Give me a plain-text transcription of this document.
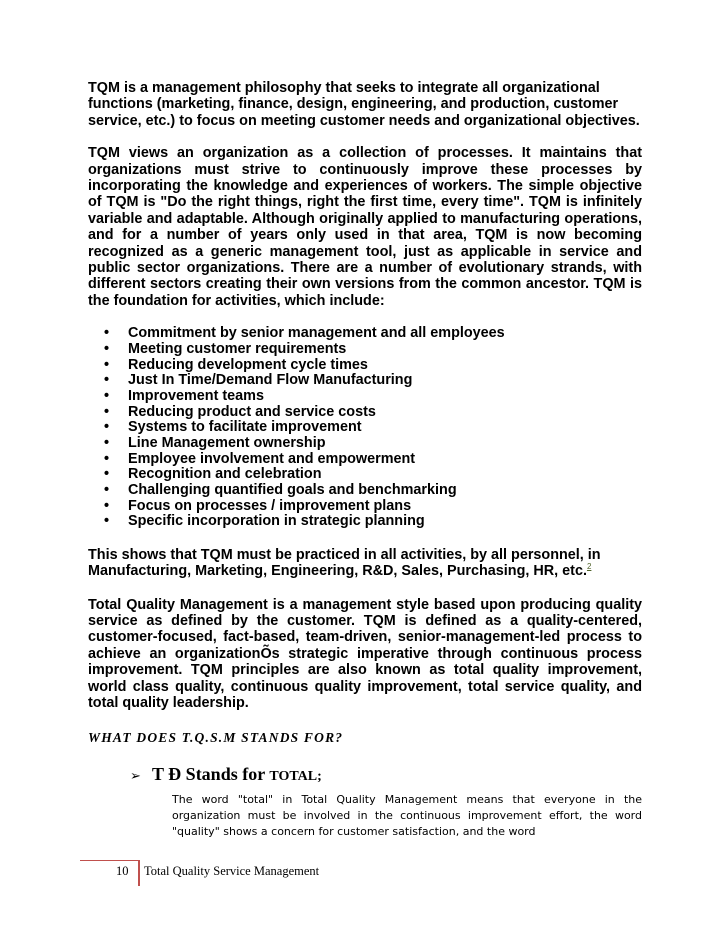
TQM is a management philosophy that seeks to integrate all organizational functions (marketing, finance, design, engineering, and production, customer service, etc.) to focus on meeting customer needs and organizational objectives.

TQM views an organization as a collection of processes. It maintains that organizations must strive to continuously improve these processes by incorporating the knowledge and experiences of workers. The simple objective of TQM is "Do the right things, right the first time, every time". TQM is infinitely variable and adaptable. Although originally applied to manufacturing operations, and for a number of years only used in that area, TQM is now becoming recognized as a generic management tool, just as applicable in service and public sector organizations. There are a number of evolutionary strands, with different sectors creating their own versions from the common ancestor. TQM is the foundation for activities, which include:

• Commitment by senior management and all employees
• Meeting customer requirements
• Reducing development cycle times
• Just In Time/Demand Flow Manufacturing
• Improvement teams
• Reducing product and service costs
• Systems to facilitate improvement
• Line Management ownership
• Employee involvement and empowerment
• Recognition and celebration
• Challenging quantified goals and benchmarking
• Focus on processes / improvement plans
• Specific incorporation in strategic planning

This shows that TQM must be practiced in all activities, by all personnel, in Manufacturing, Marketing, Engineering, R&D, Sales, Purchasing, HR, etc.$^2$

Total Quality Management is a management style based upon producing quality service as defined by the customer. TQM is defined as a quality-centered, customer-focused, fact-based, team-driven, senior-management-led process to achieve an organizationÕs strategic imperative through continuous process improvement. TQM principles are also known as total quality improvement, world class quality, continuous quality improvement, total service quality, and total quality leadership.

WHAT DOES T.Q.S.M STANDS FOR?

➢ T Ð Stands for TOTAL;

The word "total" in Total Quality Management means that everyone in the organization must be involved in the continuous improvement effort, the word "quality" shows a concern for customer satisfaction, and the word

10 Total Quality Service Management
